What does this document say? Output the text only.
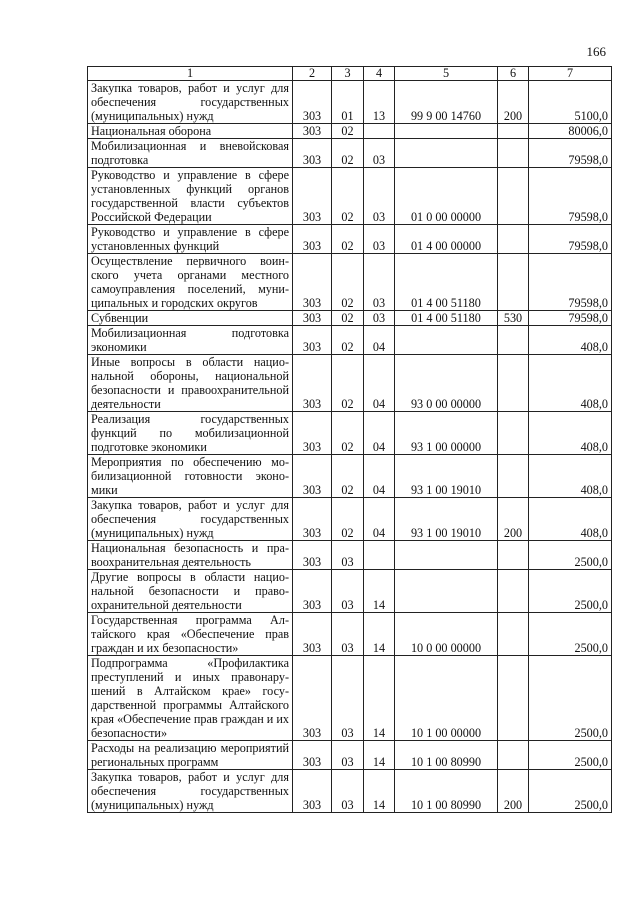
166
1	2	3	4	5	6	7
Закупка товаров, работ и услуг для обеспечения государственных (муниципальных) нужд	303	01	13	99 9 00 14760	200	5100,0
Национальная оборона	303	02				80006,0
Мобилизационная и вневойсковая подготовка	303	02	03			79598,0
Руководство и управление в сфере установленных функций органов государственной власти субъектов Российской Федерации	303	02	03	01 0 00 00000		79598,0
Руководство и управление в сфере установленных функций	303	02	03	01 4 00 00000		79598,0
Осуществление первичного воинского учета органами местного самоуправления поселений, муниципальных и городских округов	303	02	03	01 4 00 51180		79598,0
Субвенции	303	02	03	01 4 00 51180	530	79598,0
Мобилизационная подготовка экономики	303	02	04			408,0
Иные вопросы в области национальной обороны, национальной безопасности и правоохранительной деятельности	303	02	04	93 0 00 00000		408,0
Реализация государственных функций по мобилизационной подготовке экономики	303	02	04	93 1 00 00000		408,0
Мероприятия по обеспечению мобилизационной готовности экономики	303	02	04	93 1 00 19010		408,0
Закупка товаров, работ и услуг для обеспечения государственных (муниципальных) нужд	303	02	04	93 1 00 19010	200	408,0
Национальная безопасность и правоохранительная деятельность	303	03				2500,0
Другие вопросы в области национальной безопасности и правоохранительной деятельности	303	03	14			2500,0
Государственная программа Алтайского края «Обеспечение прав граждан и их безопасности»	303	03	14	10 0 00 00000		2500,0
Подпрограмма «Профилактика преступлений и иных правонарушений в Алтайском крае» государственной программы Алтайского края «Обеспечение прав граждан и их безопасности»	303	03	14	10 1 00 00000		2500,0
Расходы на реализацию мероприятий региональных программ	303	03	14	10 1 00 80990		2500,0
Закупка товаров, работ и услуг для обеспечения государственных (муниципальных) нужд	303	03	14	10 1 00 80990	200	2500,0
